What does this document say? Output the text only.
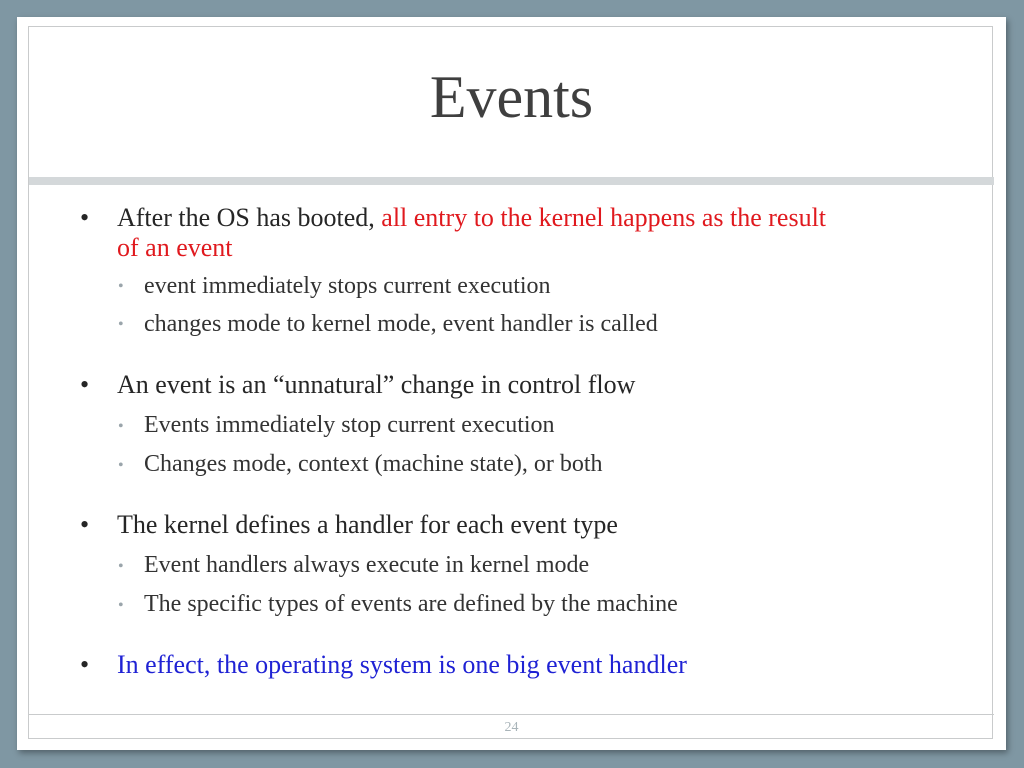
Events
• After the OS has booted, all entry to the kernel happens as the result
of an event
• event immediately stops current execution
• changes mode to kernel mode, event handler is called
• An event is an “unnatural” change in control flow
• Events immediately stop current execution
• Changes mode, context (machine state), or both
• The kernel defines a handler for each event type
• Event handlers always execute in kernel mode
• The specific types of events are defined by the machine
• In effect, the operating system is one big event handler
24
